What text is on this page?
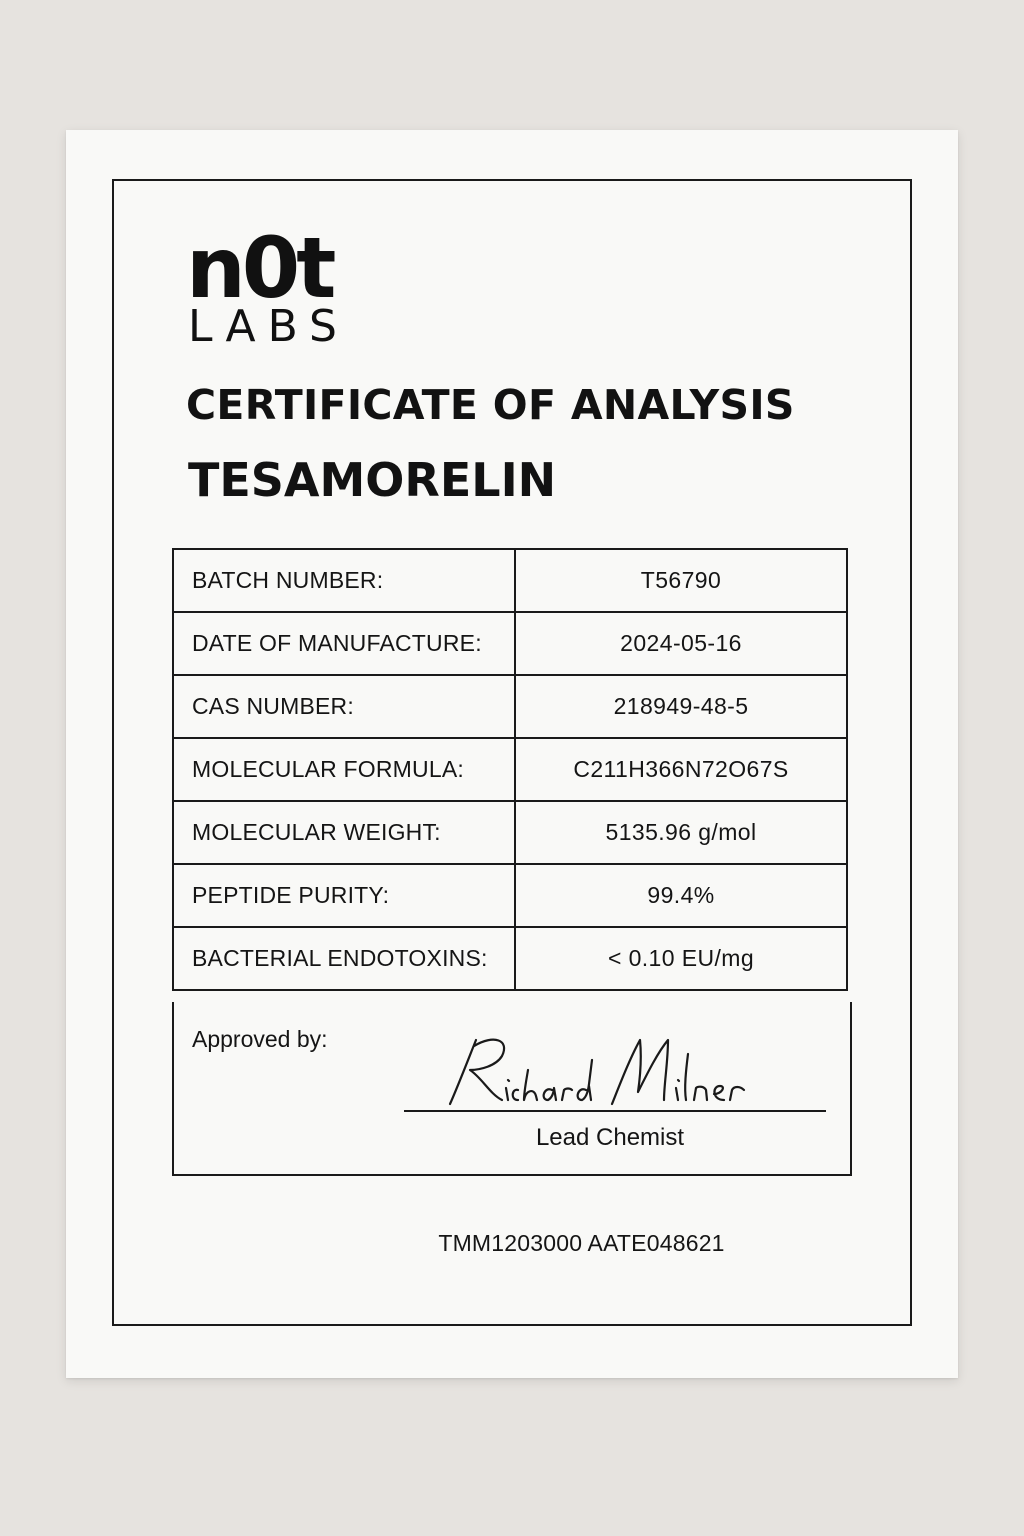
n0t
LABS
CERTIFICATE OF ANALYSIS
TESAMORELIN
BATCH NUMBER:	T56790
DATE OF MANUFACTURE:	2024-05-16
CAS NUMBER:	218949-48-5
MOLECULAR FORMULA:	C211H366N72O67S
MOLECULAR WEIGHT:	5135.96 g/mol
PEPTIDE PURITY:	99.4%
BACTERIAL ENDOTOXINS:	< 0.10 EU/mg
Approved by:
Lead Chemist
TMM1203000 AATE048621
